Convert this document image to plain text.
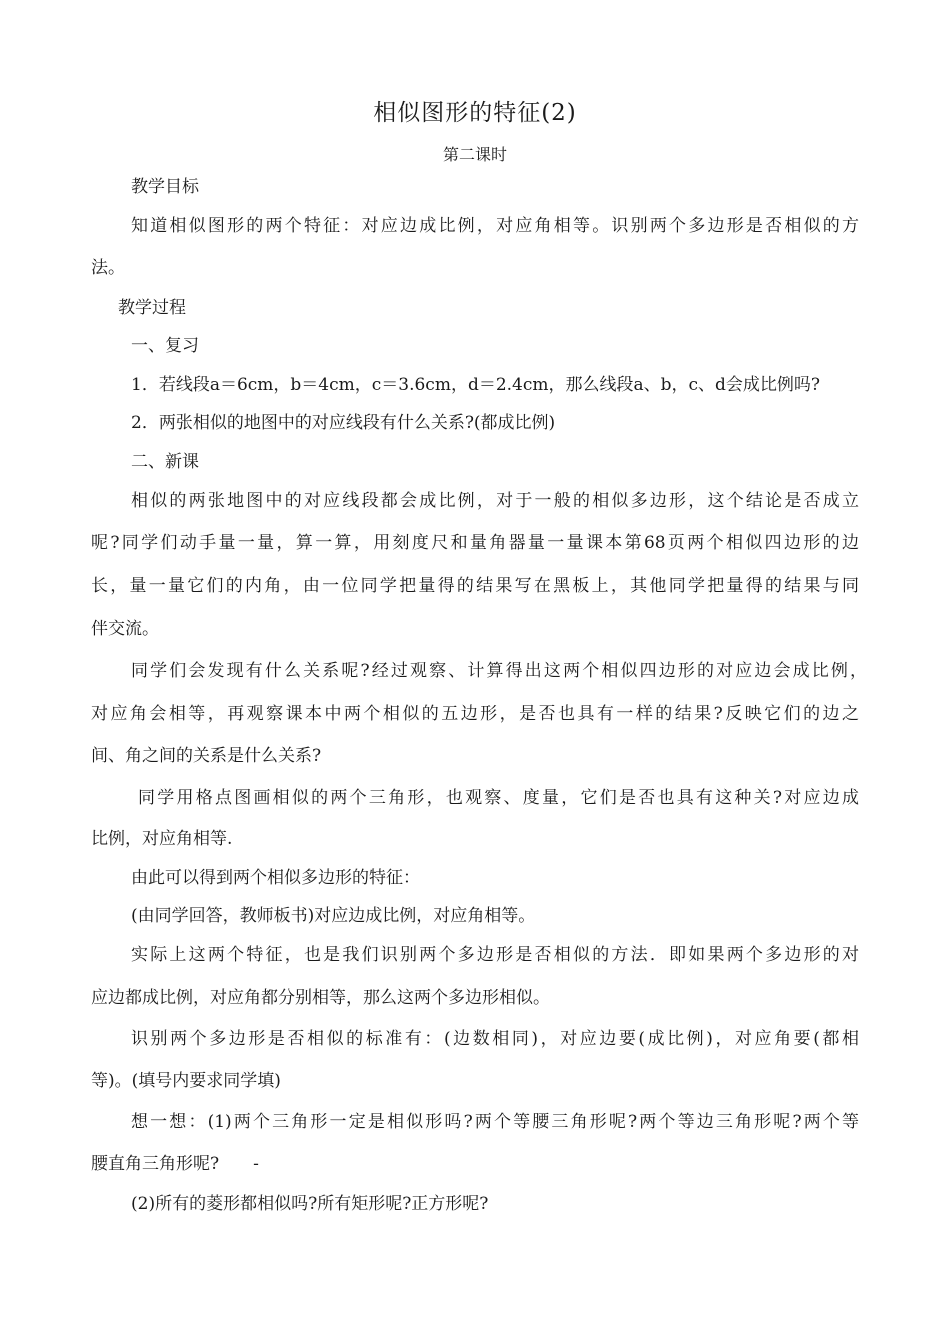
相似图形的特征(2)
第二课时
教学目标
知道相似图形的两个特征：对应边成比例，对应角相等。识别两个多边形是否相似的方
法。
教学过程
一、复习
1．若线段a＝6cm，b＝4cm，c＝3.6cm，d＝2.4cm，那么线段a、b，c、d会成比例吗?
2．两张相似的地图中的对应线段有什么关系?(都成比例)
二、新课
相似的两张地图中的对应线段都会成比例，对于一般的相似多边形，这个结论是否成立
呢?同学们动手量一量，算一算，用刻度尺和量角器量一量课本第68页两个相似四边形的边
长，量一量它们的内角，由一位同学把量得的结果写在黑板上，其他同学把量得的结果与同
伴交流。
同学们会发现有什么关系呢?经过观察、计算得出这两个相似四边形的对应边会成比例，
对应角会相等，再观察课本中两个相似的五边形，是否也具有一样的结果?反映它们的边之
间、角之间的关系是什么关系?
同学用格点图画相似的两个三角形，也观察、度量，它们是否也具有这种关?对应边成
比例，对应角相等.
由此可以得到两个相似多边形的特征：
(由同学回答，教师板书)对应边成比例，对应角相等。
实际上这两个特征，也是我们识别两个多边形是否相似的方法．即如果两个多边形的对
应边都成比例，对应角都分别相等，那么这两个多边形相似。
识别两个多边形是否相似的标准有：(边数相同)，对应边要(成比例)，对应角要(都相
等)。(填号内要求同学填)
想一想：(1)两个三角形一定是相似形吗?两个等腰三角形呢?两个等边三角形呢?两个等
腰直角三角形呢?　　-
(2)所有的菱形都相似吗?所有矩形呢?正方形呢?
